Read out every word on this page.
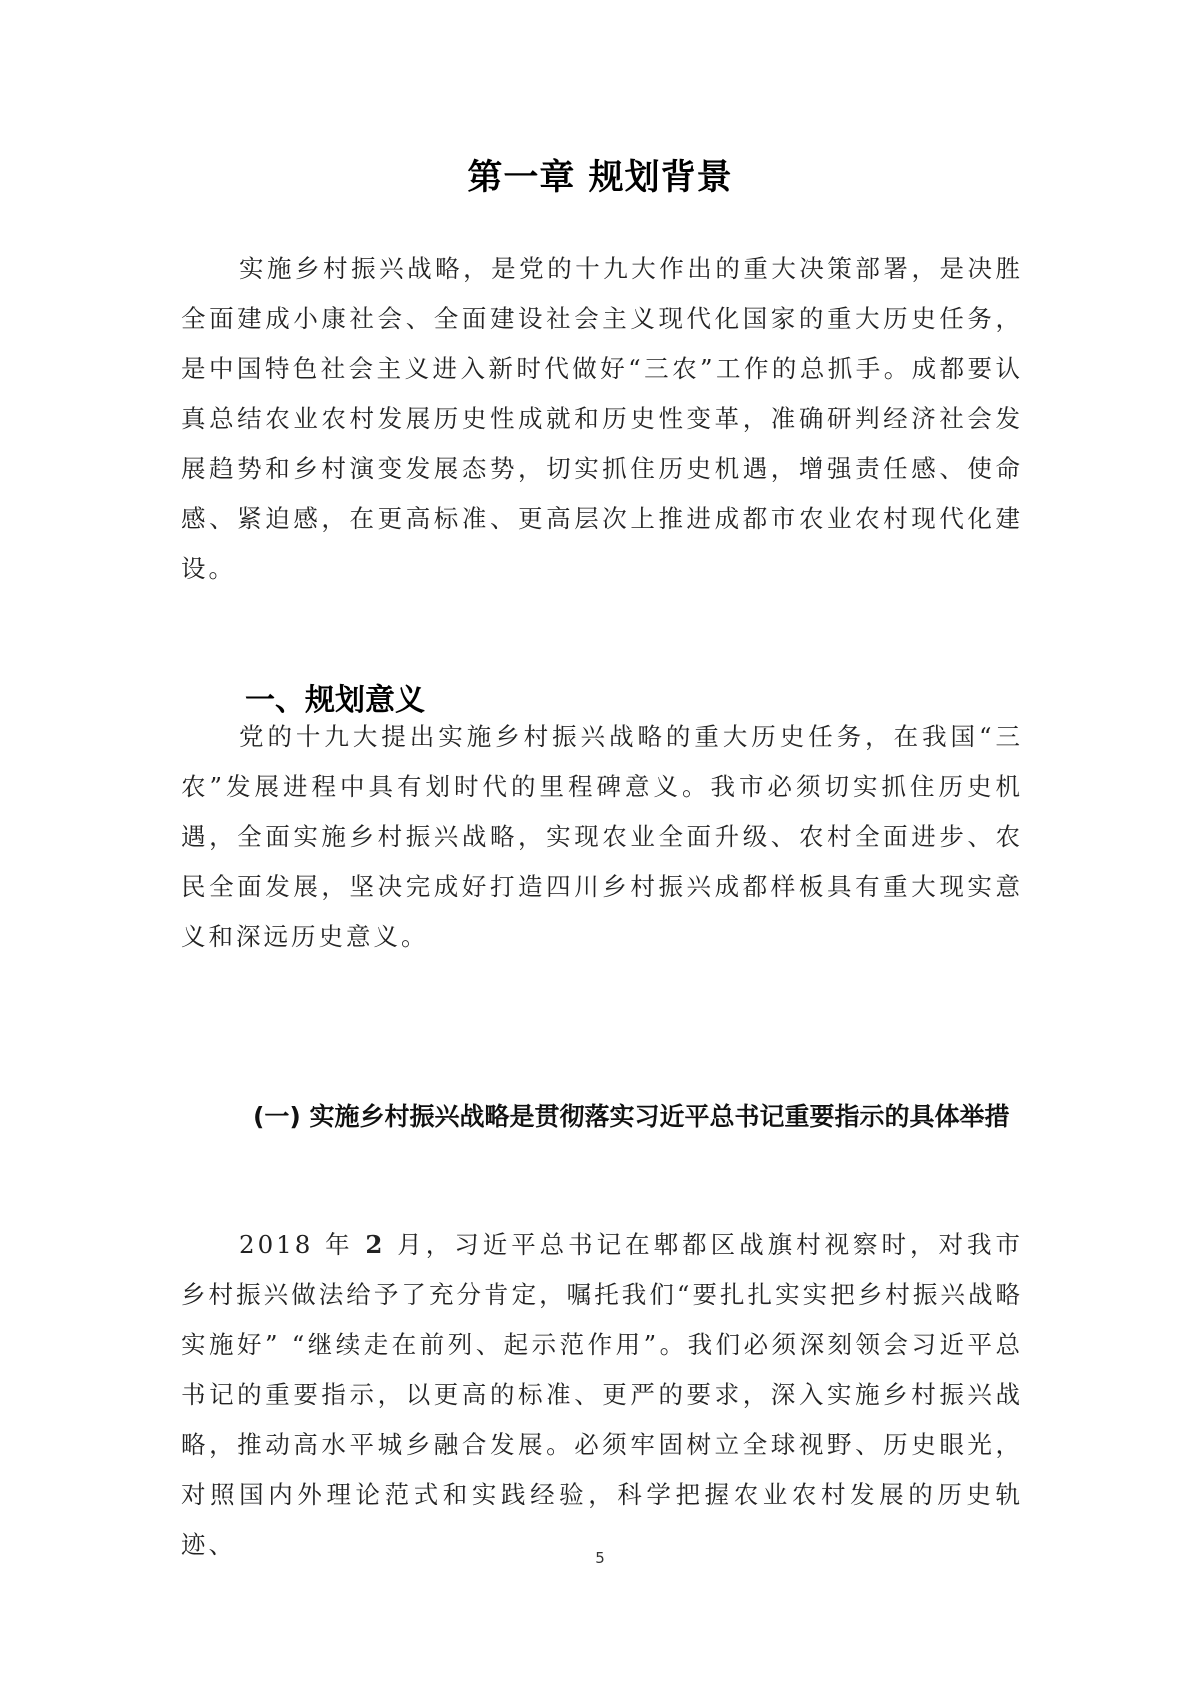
第一章 规划背景

实施乡村振兴战略，是党的十九大作出的重大决策部署，是决胜全面建成小康社会、全面建设社会主义现代化国家的重大历史任务，是中国特色社会主义进入新时代做好“三农”工作的总抓手。成都要认真总结农业农村发展历史性成就和历史性变革，准确研判经济社会发展趋势和乡村演变发展态势，切实抓住历史机遇，增强责任感、使命感、紧迫感，在更高标准、更高层次上推进成都市农业农村现代化建设。

一、规划意义

党的十九大提出实施乡村振兴战略的重大历史任务，在我国“三农”发展进程中具有划时代的里程碑意义。我市必须切实抓住历史机遇，全面实施乡村振兴战略，实现农业全面升级、农村全面进步、农民全面发展，坚决完成好打造四川乡村振兴成都样板具有重大现实意义和深远历史意义。

(一) 实施乡村振兴战略是贯彻落实习近平总书记重要指示的具体举措

2018 年 2 月，习近平总书记在郫都区战旗村视察时，对我市乡村振兴做法给予了充分肯定，嘱托我们“要扎扎实实把乡村振兴战略实施好” “继续走在前列、起示范作用”。我们必须深刻领会习近平总书记的重要指示，以更高的标准、更严的要求，深入实施乡村振兴战略，推动高水平城乡融合发展。必须牢固树立全球视野、历史眼光，对照国内外理论范式和实践经验，科学把握农业农村发展的历史轨迹、	5
